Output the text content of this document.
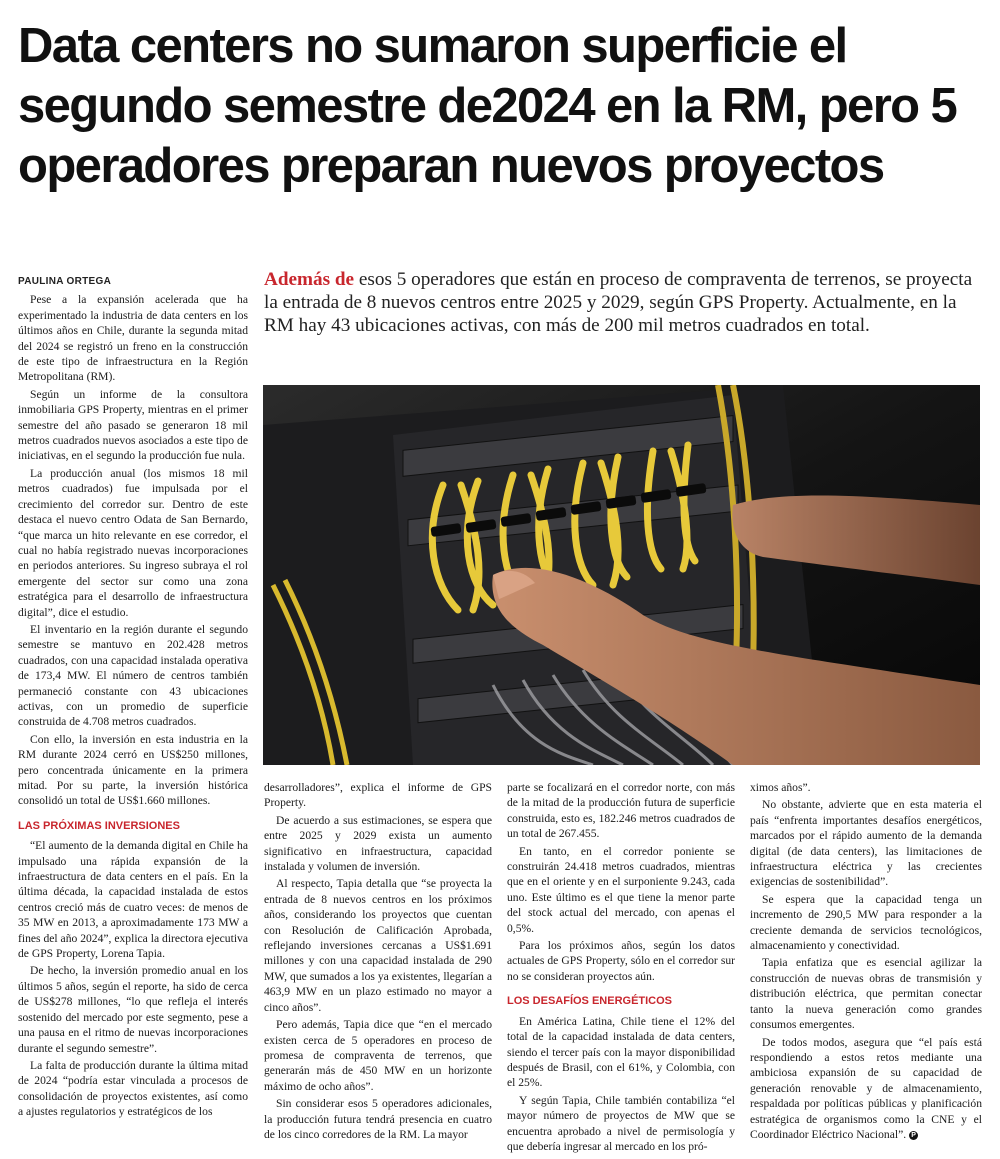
Data centers no sumaron superficie el segundo semestre de2024 en la RM, pero 5 operadores preparan nuevos proyectos
PAULINA ORTEGA

Pese a la expansión acelerada que ha experimentado la industria de data centers en los últimos años en Chile, durante la segunda mitad del 2024 se registró un freno en la construcción de este tipo de infraestructura en la Región Metropolitana (RM).

Según un informe de la consultora inmobiliaria GPS Property, mientras en el primer semestre del año pasado se generaron 18 mil metros cuadrados nuevos asociados a este tipo de iniciativas, en el segundo la producción fue nula.

La producción anual (los mismos 18 mil metros cuadrados) fue impulsada por el crecimiento del corredor sur. Dentro de este destaca el nuevo centro Odata de San Bernardo, “que marca un hito relevante en ese corredor, el cual no había registrado nuevas incorporaciones en periodos anteriores. Su ingreso subraya el rol emergente del sector sur como una zona estratégica para el desarrollo de infraestructura digital”, dice el estudio.

El inventario en la región durante el segundo semestre se mantuvo en 202.428 metros cuadrados, con una capacidad instalada operativa de 173,4 MW. El número de centros también permaneció constante con 43 ubicaciones activas, con un promedio de superficie construida de 4.708 metros cuadrados.

Con ello, la inversión en esta industria en la RM durante 2024 cerró en US$250 millones, pero concentrada únicamente en la primera mitad. Por su parte, la inversión histórica consolidó un total de US$1.660 millones.

LAS PRÓXIMAS INVERSIONES

“El aumento de la demanda digital en Chile ha impulsado una rápida expansión de la infraestructura de data centers en el país. En la última década, la capacidad instalada de estos centros creció más de cuatro veces: de menos de 35 MW en 2013, a aproximadamente 173 MW a fines del año 2024”, explica la directora ejecutiva de GPS Property, Lorena Tapia.

De hecho, la inversión promedio anual en los últimos 5 años, según el reporte, ha sido de cerca de US$278 millones, “lo que refleja el interés sostenido del mercado por este segmento, pese a una pausa en el ritmo de nuevas incorporaciones durante el segundo semestre”.

La falta de producción durante la última mitad de 2024 “podría estar vinculada a procesos de consolidación de proyectos existentes, así como a ajustes regulatorios y estratégicos de los

Además de esos 5 operadores que están en proceso de compraventa de terrenos, se proyecta la entrada de 8 nuevos centros entre 2025 y 2029, según GPS Property. Actualmente, en la RM hay 43 ubicaciones activas, con más de 200 mil metros cuadrados en total.

desarrolladores”, explica el informe de GPS Property.

De acuerdo a sus estimaciones, se espera que entre 2025 y 2029 exista un aumento significativo en infraestructura, capacidad instalada y volumen de inversión.

Al respecto, Tapia detalla que “se proyecta la entrada de 8 nuevos centros en los próximos años, considerando los proyectos que cuentan con Resolución de Calificación Aprobada, reflejando inversiones cercanas a US$1.691 millones y con una capacidad instalada de 290 MW, que sumados a los ya existentes, llegarían a 463,9 MW en un plazo estimado no mayor a cinco años”.

Pero además, Tapia dice que “en el mercado existen cerca de 5 operadores en proceso de promesa de compraventa de terrenos, que generarán más de 450 MW en un horizonte máximo de ocho años”.

Sin considerar esos 5 operadores adicionales, la producción futura tendrá presencia en cuatro de los cinco corredores de la RM. La mayor

parte se focalizará en el corredor norte, con más de la mitad de la producción futura de superficie construida, esto es, 182.246 metros cuadrados de un total de 267.455.

En tanto, en el corredor poniente se construirán 24.418 metros cuadrados, mientras que en el oriente y en el surponiente 9.243, cada uno. Este último es el que tiene la menor parte del stock actual del mercado, con apenas el 0,5%.

Para los próximos años, según los datos actuales de GPS Property, sólo en el corredor sur no se consideran proyectos aún.

LOS DESAFÍOS ENERGÉTICOS

En América Latina, Chile tiene el 12% del total de la capacidad instalada de data centers, siendo el tercer país con la mayor disponibilidad después de Brasil, con el 61%, y Colombia, con el 25%.

Y según Tapia, Chile también contabiliza “el mayor número de proyectos de MW que se encuentra aprobado a nivel de permisología y que debería ingresar al mercado en los pró-

ximos años”.

No obstante, advierte que en esta materia el país “enfrenta importantes desafíos energéticos, marcados por el rápido aumento de la demanda digital (de data centers), las limitaciones de infraestructura eléctrica y las crecientes exigencias de sostenibilidad”.

Se espera que la capacidad tenga un incremento de 290,5 MW para responder a la creciente demanda de servicios tecnológicos, almacenamiento y conectividad.

Tapia enfatiza que es esencial agilizar la construcción de nuevas obras de transmisión y distribución eléctrica, que permitan conectar tanto la nueva generación como grandes consumos emergentes.

De todos modos, asegura que “el país está respondiendo a estos retos mediante una ambiciosa expansión de su capacidad de generación renovable y de almacenamiento, respaldada por políticas públicas y planificación estratégica de organismos como la CNE y el Coordinador Eléctrico Nacional”. P
